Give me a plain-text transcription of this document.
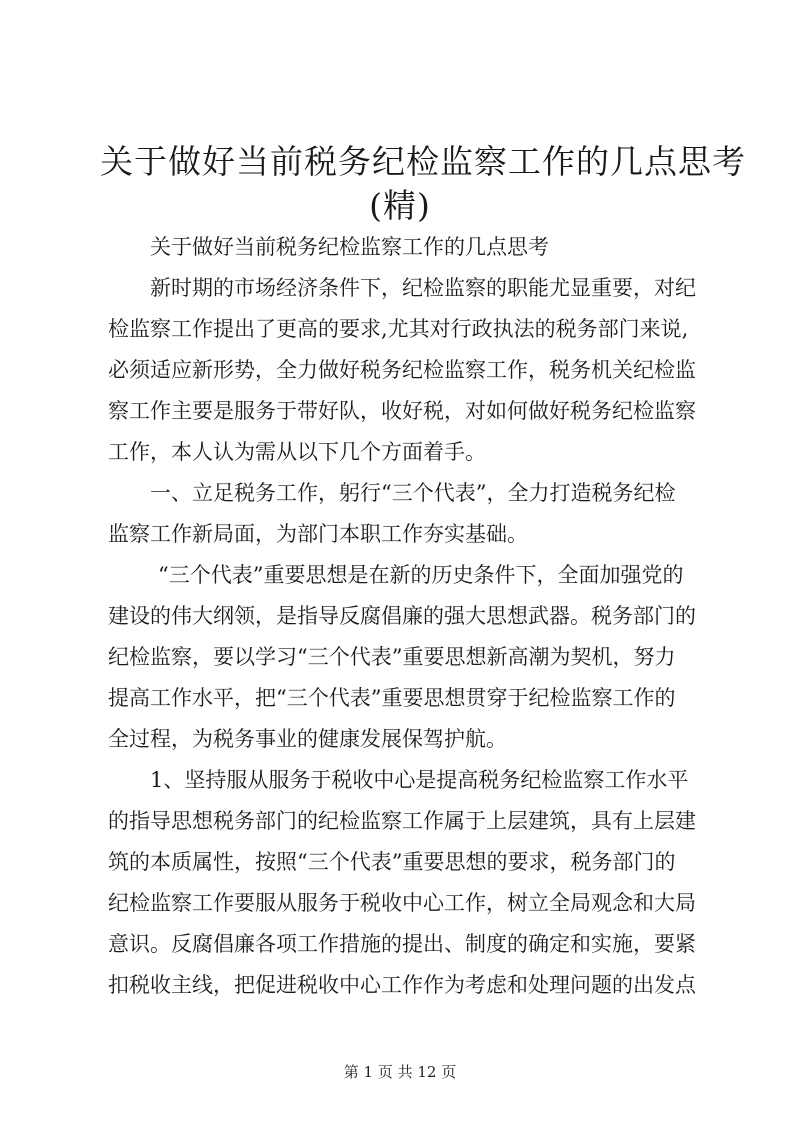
关于做好当前税务纪检监察工作的几点思考
(精)

关于做好当前税务纪检监察工作的几点思考

新时期的市场经济条件下，纪检监察的职能尤显重要，对纪
检监察工作提出了更高的要求,尤其对行政执法的税务部门来说,
必须适应新形势，全力做好税务纪检监察工作，税务机关纪检监
察工作主要是服务于带好队，收好税，对如何做好税务纪检监察
工作，本人认为需从以下几个方面着手。

一、立足税务工作，躬行“三个代表”，全力打造税务纪检
监察工作新局面，为部门本职工作夯实基础。

“三个代表”重要思想是在新的历史条件下，全面加强党的
建设的伟大纲领，是指导反腐倡廉的强大思想武器。税务部门的
纪检监察，要以学习“三个代表”重要思想新高潮为契机，努力
提高工作水平，把“三个代表”重要思想贯穿于纪检监察工作的
全过程，为税务事业的健康发展保驾护航。

1、坚持服从服务于税收中心是提高税务纪检监察工作水平
的指导思想税务部门的纪检监察工作属于上层建筑，具有上层建
筑的本质属性，按照“三个代表”重要思想的要求，税务部门的
纪检监察工作要服从服务于税收中心工作，树立全局观念和大局
意识。反腐倡廉各项工作措施的提出、制度的确定和实施，要紧
扣税收主线，把促进税收中心工作作为考虑和处理问题的出发点

第 1 页 共 12 页
